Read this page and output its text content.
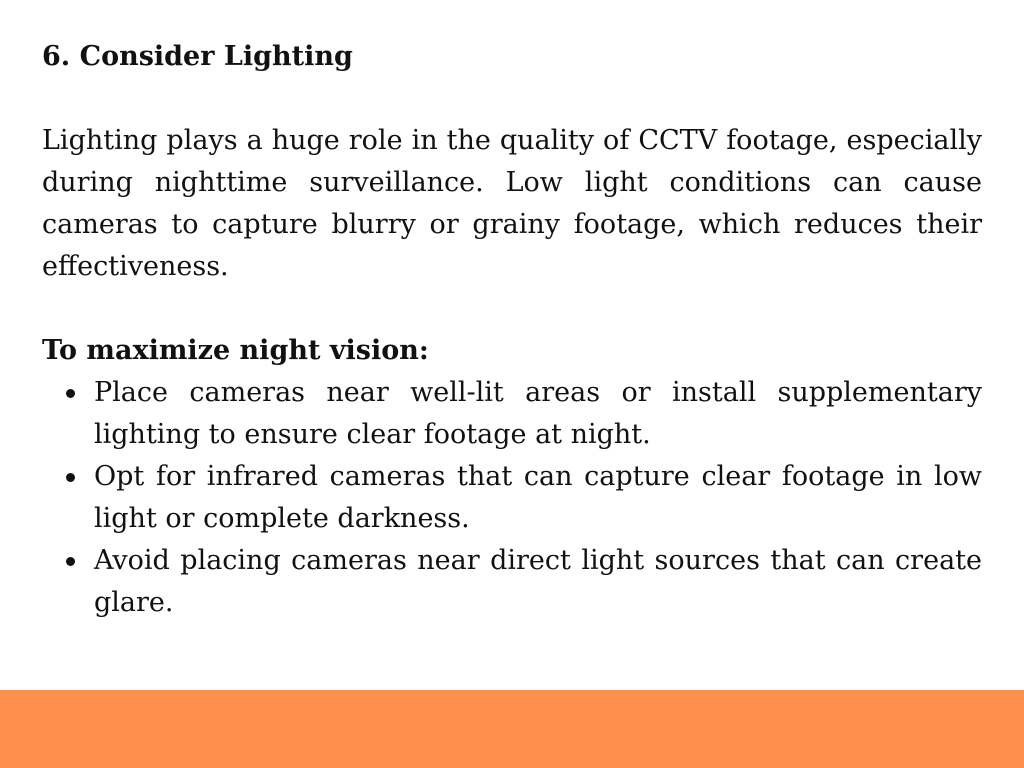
6. Consider Lighting

Lighting plays a huge role in the quality of CCTV footage, especially during nighttime surveillance. Low light conditions can cause cameras to capture blurry or grainy footage, which reduces their effectiveness.

To maximize night vision:
Place cameras near well-lit areas or install supplementary lighting to ensure clear footage at night.
Opt for infrared cameras that can capture clear footage in low light or complete darkness.
Avoid placing cameras near direct light sources that can create glare.
